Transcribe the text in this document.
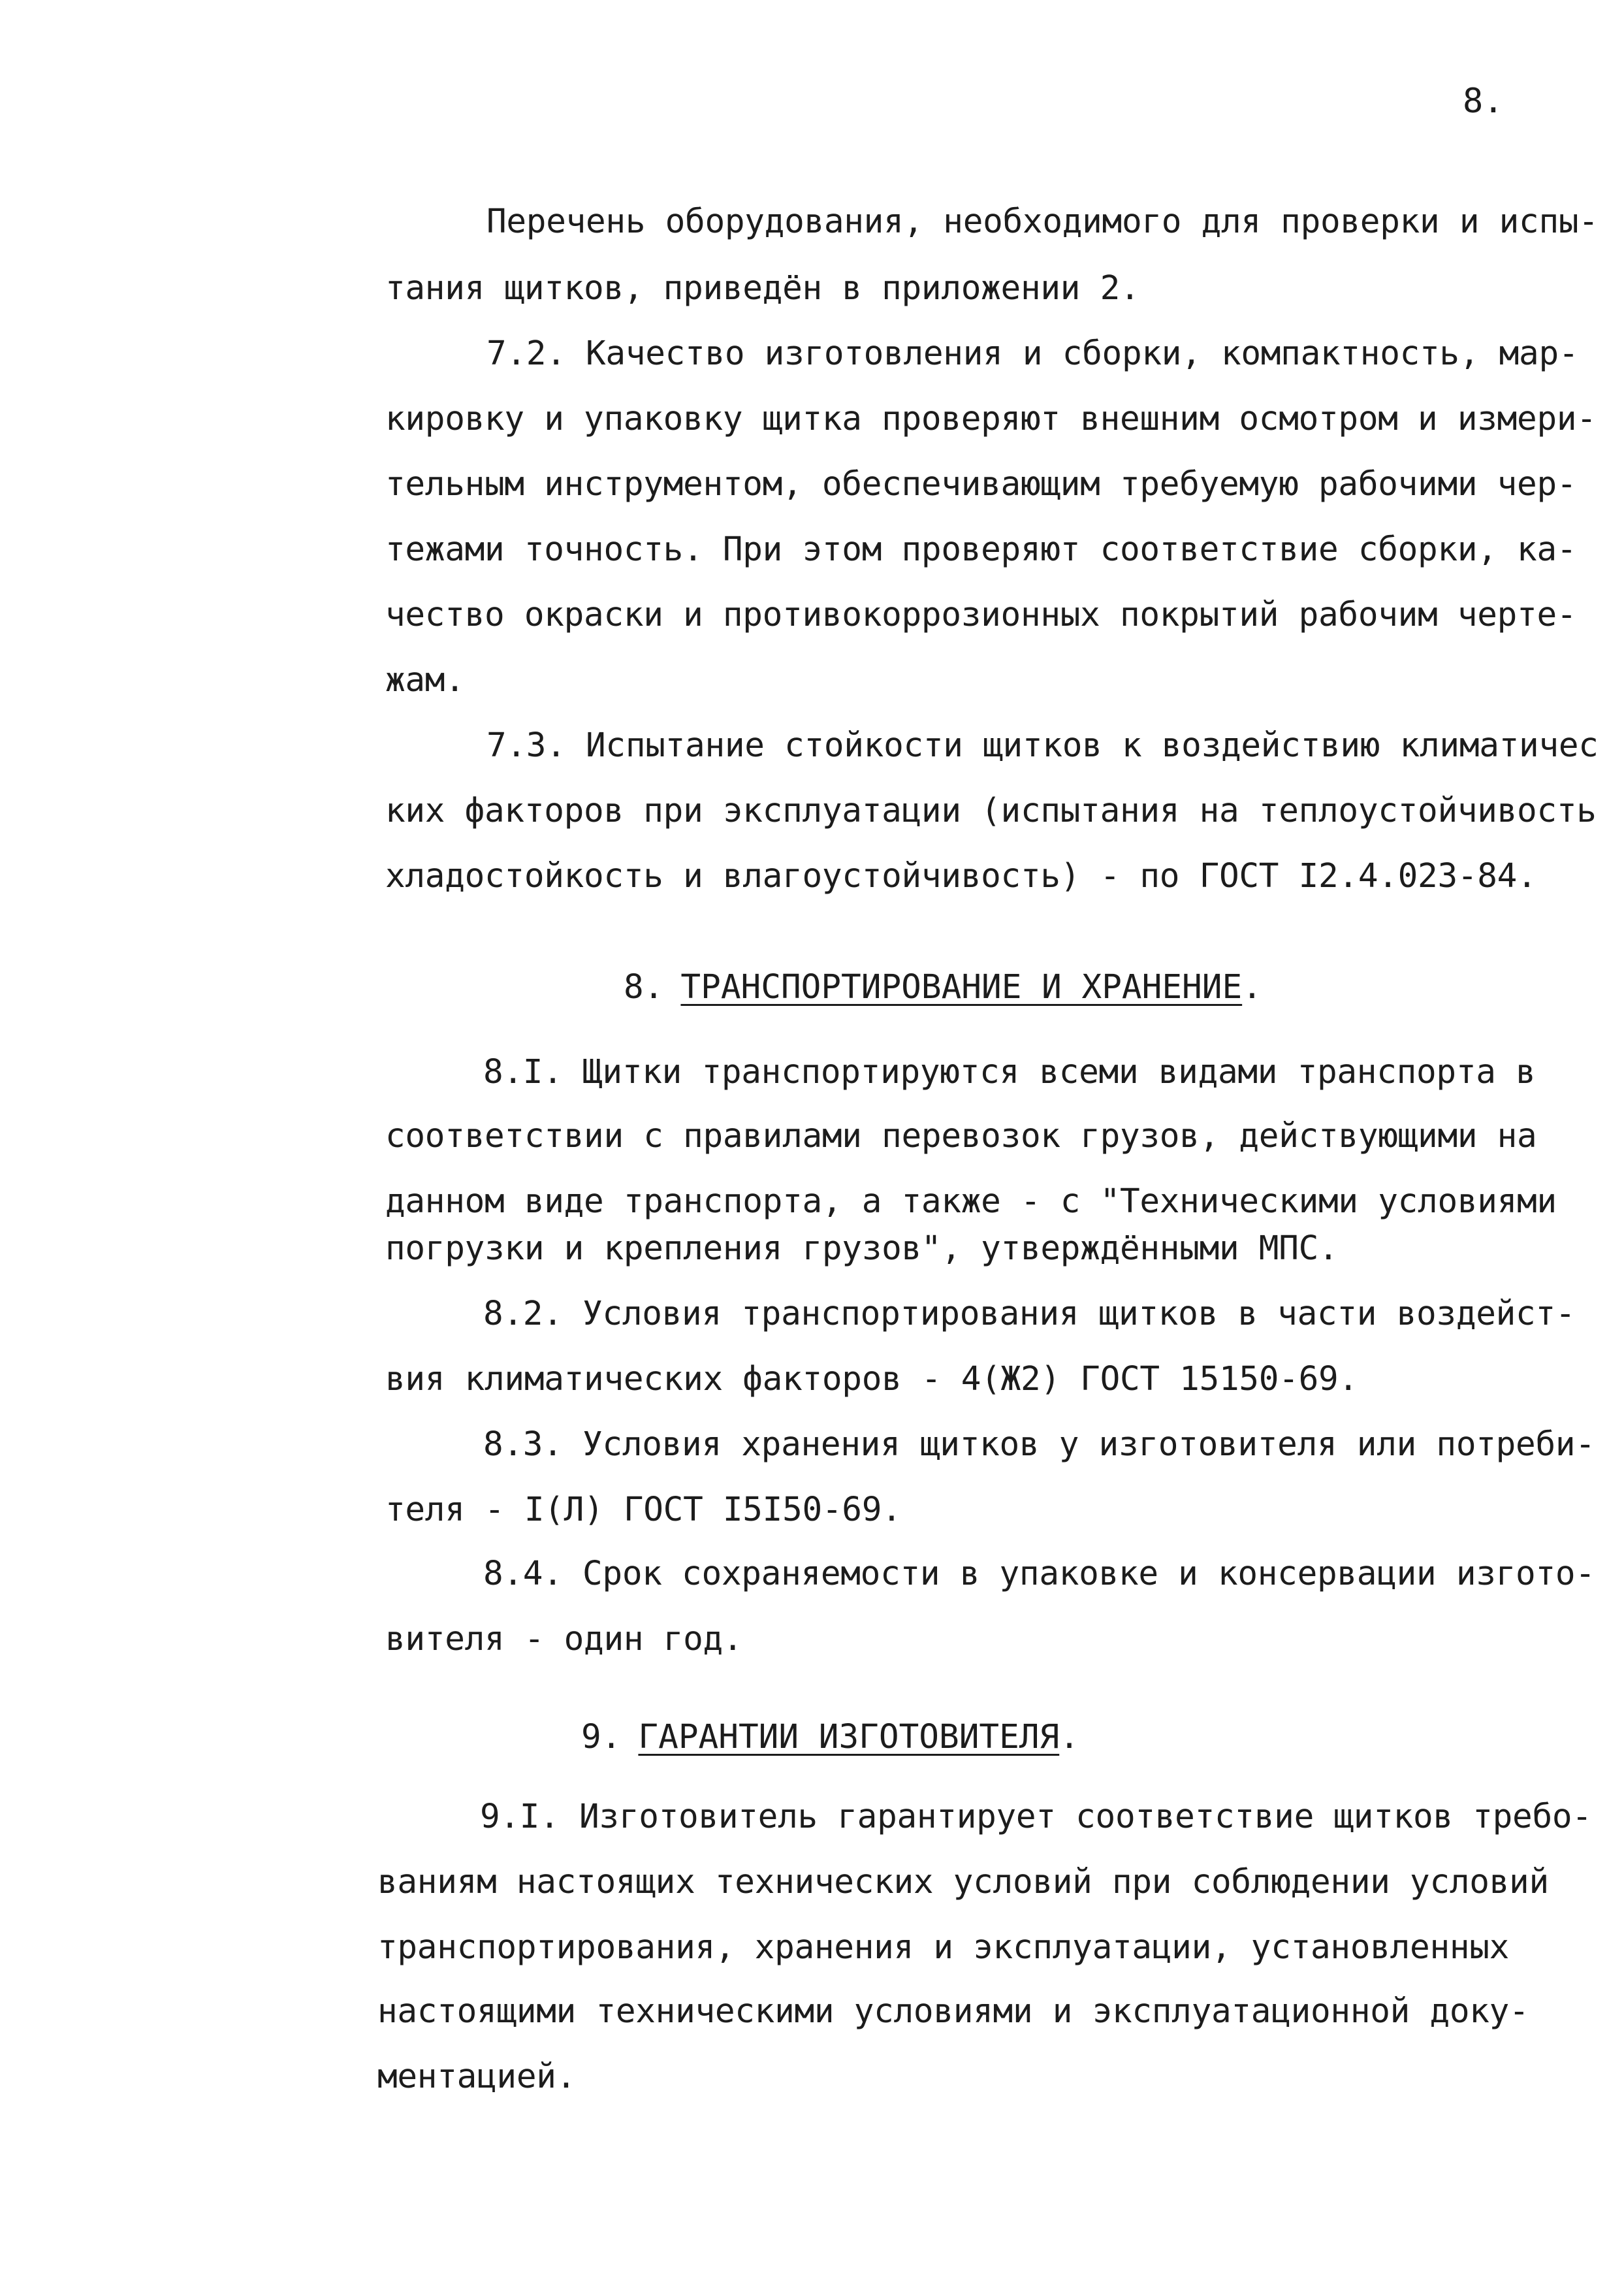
8.

Перечень оборудования, необходимого для проверки и испы-

тания щитков, приведён в приложении 2.

7.2. Качество изготовления и сборки, компактность, мар-

кировку и упаковку щитка проверяют внешним осмотром и измери-

тельным инструментом, обеспечивающим требуемую рабочими чер-

тежами точность. При этом проверяют соответствие сборки, ка-

чество окраски и противокоррозионных покрытий рабочим черте-

жам.

7.3. Испытание стойкости щитков к воздействию климатичес

ких факторов при эксплуатации (испытания на теплоустойчивость

хладостойкость и влагоустойчивость) - по ГОСТ I2.4.023-84.

8. ТРАНСПОРТИРОВАНИЕ И ХРАНЕНИЕ.

8.I. Щитки транспортируются всеми видами транспорта в

соответствии с правилами перевозок грузов, действующими на

данном виде транспорта, а также - с "Техническими условиями

погрузки и крепления грузов", утверждёнными МПС.

8.2. Условия транспортирования щитков в части воздейст-

вия климатических факторов - 4(Ж2) ГОСТ 15150-69.

8.3. Условия хранения щитков у изготовителя или потреби-

теля - I(Л) ГОСТ I5I50-69.

8.4. Срок сохраняемости в упаковке и консервации изгото-

вителя - один год.

9. ГАРАНТИИ ИЗГОТОВИТЕЛЯ.

9.I. Изготовитель гарантирует соответствие щитков требо-

ваниям настоящих технических условий при соблюдении условий

транспортирования, хранения и эксплуатации, установленных

настоящими техническими условиями и эксплуатационной доку-

ментацией.
